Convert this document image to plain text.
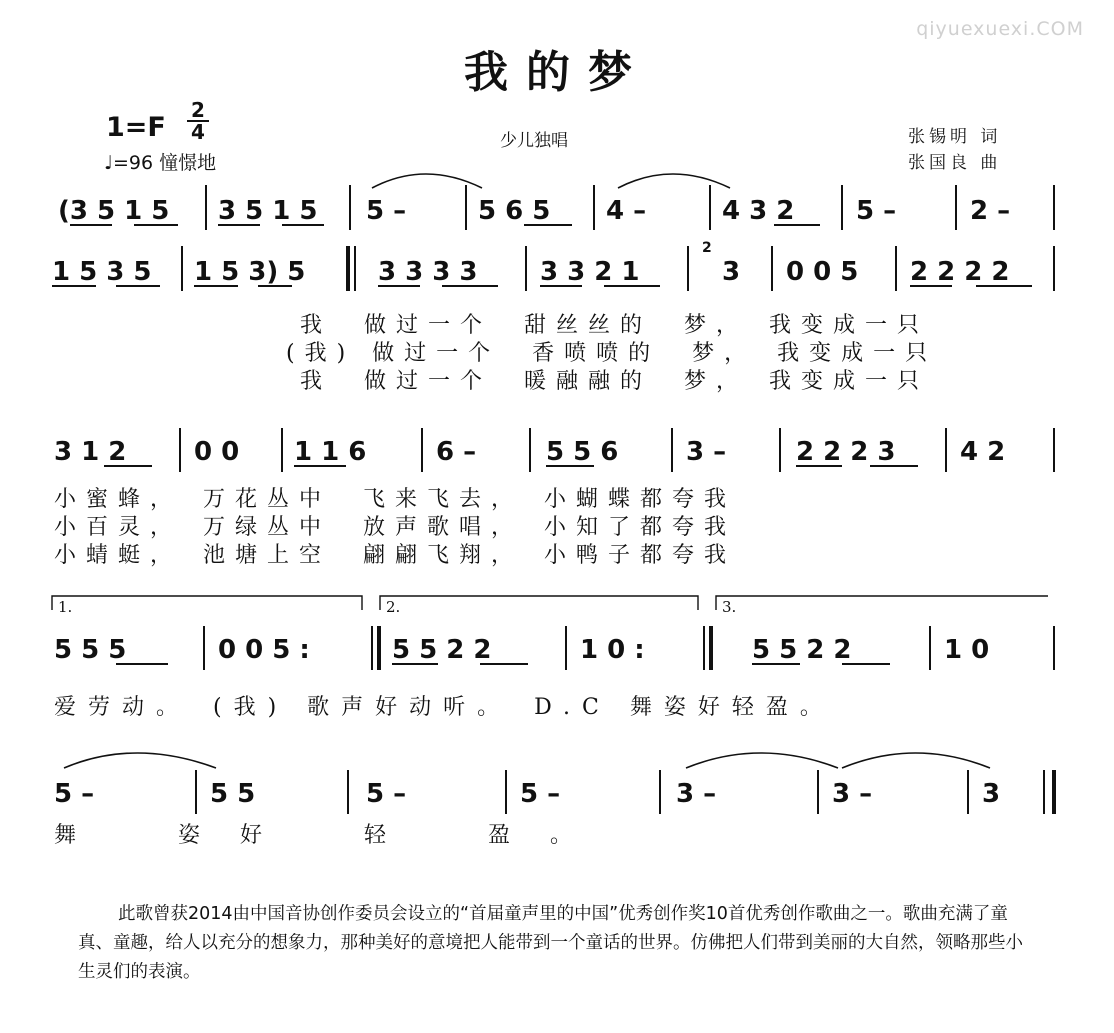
qiyuexuexi.COM
我的梦
1=F
2
4
♩=96 憧憬地
少儿独唱	张锡明 词
张国良 曲
(3 5 1 5 3 5 1 5 5 –	5 6 5 4 –	4 3 2 5 –	2 –
1 5 3 5 1 5 3) 5	3 3 3 3 3 3 2 1	3 0 0 5 2 2 2 2
2
3 1 2	0 0 1 1 6	6 –	5 5 6	3 –	2 2 2 3 4 2
5 5 5	0 0 5 :	5 5 2 2	1 0 :	5 5 2 2	1 0
5 –	5 5	5 –	5 –	3 –	3 –	3
1.	2.	3.
我　做过一个　甜丝丝的　梦，　我变成一只
(我) 做过一个　香喷喷的　梦，　我变成一只
我　做过一个　暖融融的　梦，　我变成一只
小蜜蜂，　万花丛中　飞来飞去，　小蝴蝶都夸我
小百灵，　万绿丛中　放声歌唱，　小知了都夸我
小蜻蜓，　池塘上空　翩翩飞翔，　小鸭子都夸我
爱劳动。　(我) 歌声好动听。　D.C 舞姿好轻盈。
舞　姿好　轻　盈。
此歌曾获2014由中国音协创作委员会设立的“首届童声里的中国”优秀创作奖10首优秀创作歌曲之一。歌曲充满了童真、童趣，给人以充分的想象力，那种美好的意境把人能带到一个童话的世界。仿佛把人们带到美丽的大自然，领略那些小生灵们的表演。
